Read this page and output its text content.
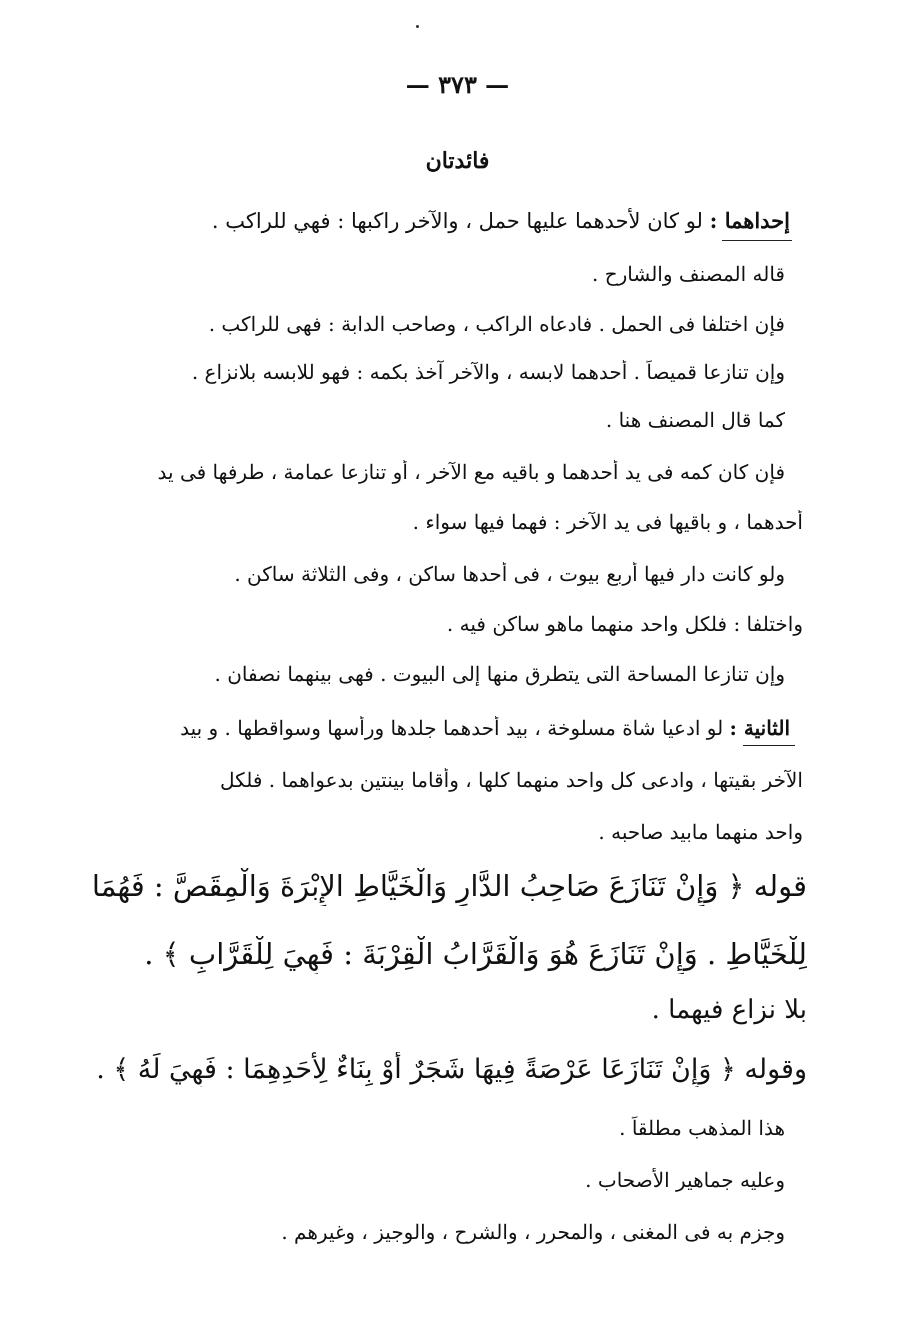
— ٣٧٣ —
فائدتان

إحداهما : لو كان لأحدهما عليها حمل ، والآخر راكبها : فهي للراكب .

قاله المصنف والشارح .

فإن اختلفا فى الحمل . فادعاه الراكب ، وصاحب الدابة : فهى للراكب .

وإن تنازعا قميصاً . أحدهما لابسه ، والآخر آخذ بكمه : فهو للابسه بلانزاع .

كما قال المصنف هنا .

فإن كان كمه فى يد أحدهما و باقيه مع الآخر ، أو تنازعا عمامة ، طرفها فى يد

أحدهما ، و باقيها فى يد الآخر : فهما فيها سواء .

ولو كانت دار فيها أربع بيوت ، فى أحدها ساكن ، وفى الثلاثة ساكن .

واختلفا : فلكل واحد منهما ماهو ساكن فيه .

وإن تنازعا المساحة التى يتطرق منها إلى البيوت . فهى بينهما نصفان .

الثانية : لو ادعيا شاة مسلوخة ، بيد أحدهما جلدها ورأسها وسواقطها . و بيد

الآخر بقيتها ، وادعى كل واحد منهما كلها ، وأقاما بينتين بدعواهما . فلكل

واحد منهما مابيد صاحبه .

قوله ﴿ وَإِنْ تَنَازَعَ صَاحِبُ الدَّارِ وَالْخَيَّاطِ الإِبْرَةَ وَالْمِقَصَّ : فَهُمَا

لِلْخَيَّاطِ . وَإِنْ تَنَازَعَ هُوَ وَالْقَرَّابُ الْقِرْبَةَ : فَهِيَ لِلْقَرَّابِ ﴾ .

بلا نزاع فيهما .

وقوله ﴿ وَإِنْ تَنَازَعَا عَرْصَةً فِيهَا شَجَرٌ أَوْ بِنَاءٌ لِأَحَدِهِمَا : فَهِيَ لَهُ ﴾ .

هذا المذهب مطلقاً .

وعليه جماهير الأصحاب .

وجزم به فى المغنى ، والمحرر ، والشرح ، والوجيز ، وغيرهم .
